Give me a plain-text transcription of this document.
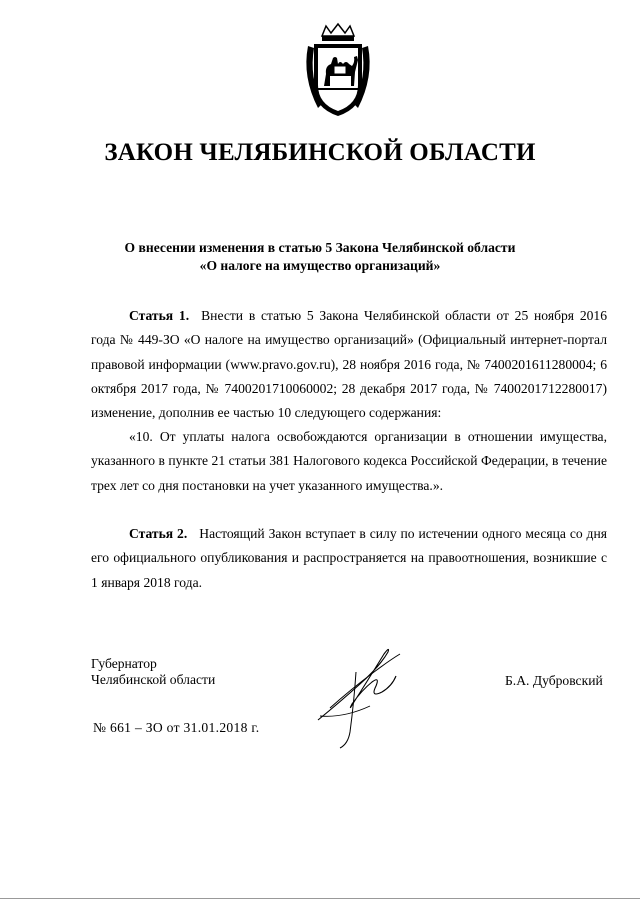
ЗАКОН ЧЕЛЯБИНСКОЙ ОБЛАСТИ
О внесении изменения в статью 5 Закона Челябинской области
«О налоге на имущество организаций»

Статья 1. Внести в статью 5 Закона Челябинской области от 25 ноября 2016 года № 449-ЗО «О налоге на имущество организаций» (Официальный интернет-портал правовой информации (www.pravo.gov.ru), 28 ноября 2016 года, № 7400201611280004; 6 октября 2017 года, № 7400201710060002; 28 декабря 2017 года, № 7400201712280017) изменение, дополнив ее частью 10 следующего содержания:

«10. От уплаты налога освобождаются организации в отношении имущества, указанного в пункте 21 статьи 381 Налогового кодекса Российской Федерации, в течение трех лет со дня постановки на учет указанного имущества.».

Статья 2. Настоящий Закон вступает в силу по истечении одного месяца со дня его официального опубликования и распространяется на правоотношения, возникшие с 1 января 2018 года.

Губернатор
Челябинской области	Б.А. Дубровский
№ 661 – ЗО от 31.01.2018 г.
